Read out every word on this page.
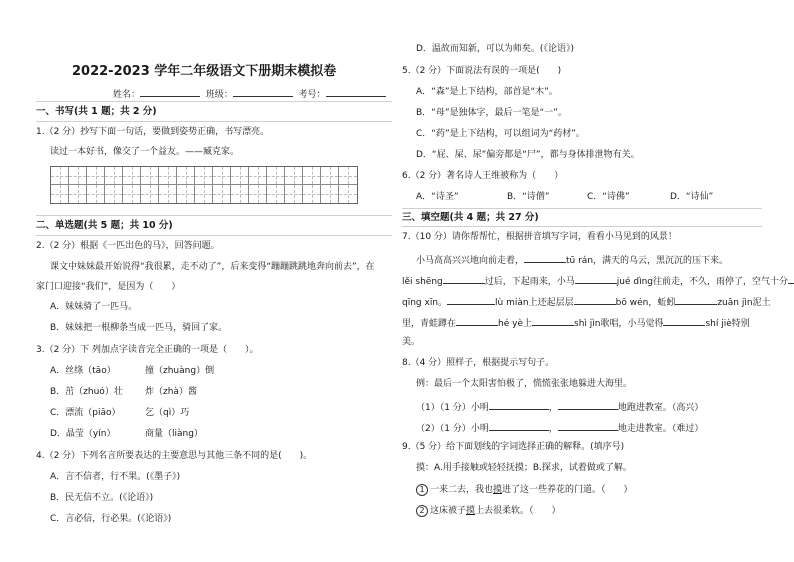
2022-2023 学年二年级语文下册期末模拟卷
姓名：	班级：	考号：
一、书写(共 1 题；共 2 分)
1.（2 分）抄写下面一句话，要做到姿势正确，书写漂亮。
读过一本好书，像交了一个益友。——臧克家。
二、单选题(共 5 题；共 10 分)
2.（2 分）根据《一匹出色的马》，回答问题。
课文中妹妹最开始说得“我很累，走不动了”，后来变得“蹦蹦跳跳地奔向前去”，在
家门口迎接“我们”，是因为（　　）
A．妹妹骑了一匹马。
B．妹妹把一根柳条当成一匹马，骑回了家。
3.（2 分）下 列加点字读音完全正确的一项是（　　）。
A．丝绦（tāo）	撞（zhuàng）倒
B．茁（zhuó）壮 炸（zhà）酱
C．漂流（piāo）	乞（qì）巧
D．晶莹（yín）	商量（liàng）
4.（2 分）下列名言所要表达的主要意思与其他三条不同的是(　　)。
A．言不信者，行不果。(《墨子》)
B．民无信不立。(《论语》)
C．言必信，行必果。(《论语》)
D．温故而知新，可以为师矣。(《论语》)
5.（2 分）下面说法有误的一项是(　　)
A．“森”是上下结构，部首是“木”。
B．“母”是独体字，最后一笔是“一”。
C．“药”是上下结构，可以组词为“药材”。
D．“屁、屎、尿”偏旁都是“尸”，都与身体排泄物有关。
6.（2 分）著名诗人王维被称为（　　）
A．“诗圣”	B．“诗僧”	C．“诗佛”	D．“诗仙”
三、填空题(共 4 题；共 27 分)
7.（10 分）请你帮帮忙，根据拼音填写字词，看看小马见到的风景！
小马高高兴兴地向前走着，	tū rán，满天的乌云，黑沉沉的压下来。
lěi shēng	过后，下起雨来，小马	jué dìng往前走，不久，雨停了，空气十分
qīng xīn。	lù miàn上还起层层	bō wén，蚯蚓	zuān jìn泥土
里，青蛙蹲在	hé yè上	shì jìn歌唱，小马觉得	shí jiè特别
美。
8.（4 分）照样子，根据提示写句子。
例：最后一个太阳害怕极了，慌慌张张地躲进大海里。
（1）（1 分）小明	，	地跑进教室。（高兴）
（2）（1 分）小明	，	地走进教室。（难过）
9.（5 分）给下面划线的字词选择正确的解释。(填序号)
摸：A.用手接触或轻轻抚摸；B.探求，试着做或了解。
1 一来二去，我也摸进了这一些养花的门道。（　　）
2 这床被子摸上去很柔软。（　　）
